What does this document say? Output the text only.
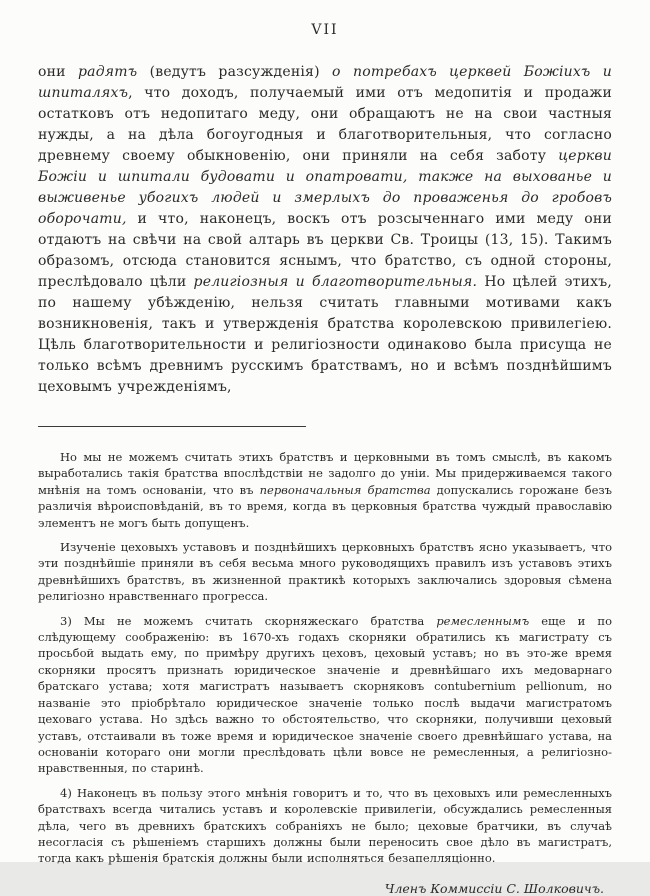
VII
они радятъ (ведутъ разсужденія) о потребахъ церквей Божіихъ и шпиталяхъ, что доходъ, получаемый ими отъ медопитія и продажи остатковъ отъ недопитаго меду, они обращаютъ не на свои частныя нужды, а на дѣла богоугодныя и благотворительныя, что согласно древнему своему обыкновенію, они приняли на себя заботу церкви Божіи и шпитали будовати и опатровати, также на выхованье и выживенье убогихъ людей и змерлыхъ до проваженья до гробовъ оборочати, и что, наконецъ, воскъ отъ розсыченнаго ими меду они отдаютъ на свѣчи на свой алтарь въ церкви Св. Троицы (13, 15). Такимъ образомъ, отсюда становится яснымъ, что братство, съ одной стороны, преслѣдовало цѣли религіозныя и благотворительныя. Но цѣлей этихъ, по нашему убѣжденію, нельзя считать главными мотивами какъ возникновенія, такъ и утвержденія братства королевскою привилегіею. Цѣль благотворительности и религіозности одинаково была присуща не только всѣмъ древнимъ русскимъ братствамъ, но и всѣмъ позднѣйшимъ цеховымъ учрежденіямъ,

Но мы не можемъ считать этихъ братствъ и церковными въ томъ смыслѣ, въ какомъ выработались такія братства впослѣдствіи не задолго до уніи. Мы придерживаемся такого мнѣнія на томъ основаніи, что въ первоначальныя братства допускались горожане безъ различія вѣроисповѣданій, въ то время, когда въ церковныя братства чуждый православію элементъ не могъ быть допущенъ.

Изученіе цеховыхъ уставовъ и позднѣйшихъ церковныхъ братствъ ясно указываетъ, что эти позднѣйшіе приняли въ себя весьма много руководящихъ правилъ изъ уставовъ этихъ древнѣйшихъ братствъ, въ жизненной практикѣ которыхъ заключались здоровыя сѣмена религіозно нравственнаго прогресса.

3) Мы не можемъ считать скорняжескаго братства ремесленнымъ еще и по слѣдующему соображенію: въ 1670-хъ годахъ скорняки обратились къ магистрату съ просьбой выдать ему, по примѣру другихъ цеховъ, цеховый уставъ; но въ это-же время скорняки просятъ признать юридическое значеніе и древнѣйшаго ихъ медоварнаго братскаго устава; хотя магистратъ называетъ скорняковъ contubernium pellionum, но названіе это пріобрѣтало юридическое значеніе только послѣ выдачи магистратомъ цеховаго устава. Но здѣсь важно то обстоятельство, что скорняки, получивши цеховый уставъ, отстаивали въ тоже время и юридическое значеніе своего древнѣйшаго устава, на основаніи котораго они могли преслѣдовать цѣли вовсе не ремесленныя, а религіозно-нравственныя, по старинѣ.

4) Наконецъ въ пользу этого мнѣнія говоритъ и то, что въ цеховыхъ или ремесленныхъ братствахъ всегда читались уставъ и королевскіе привилегіи, обсуждались ремесленныя дѣла, чего въ древнихъ братскихъ собраніяхъ не было; цеховые братчики, въ случаѣ несогласія съ рѣшеніемъ старшихъ должны были переносить свое дѣло въ магистратъ, тогда какъ рѣшенія братскія должны были исполняться безапелляціонно.

Членъ Коммиссіи С. Шолковичъ.
